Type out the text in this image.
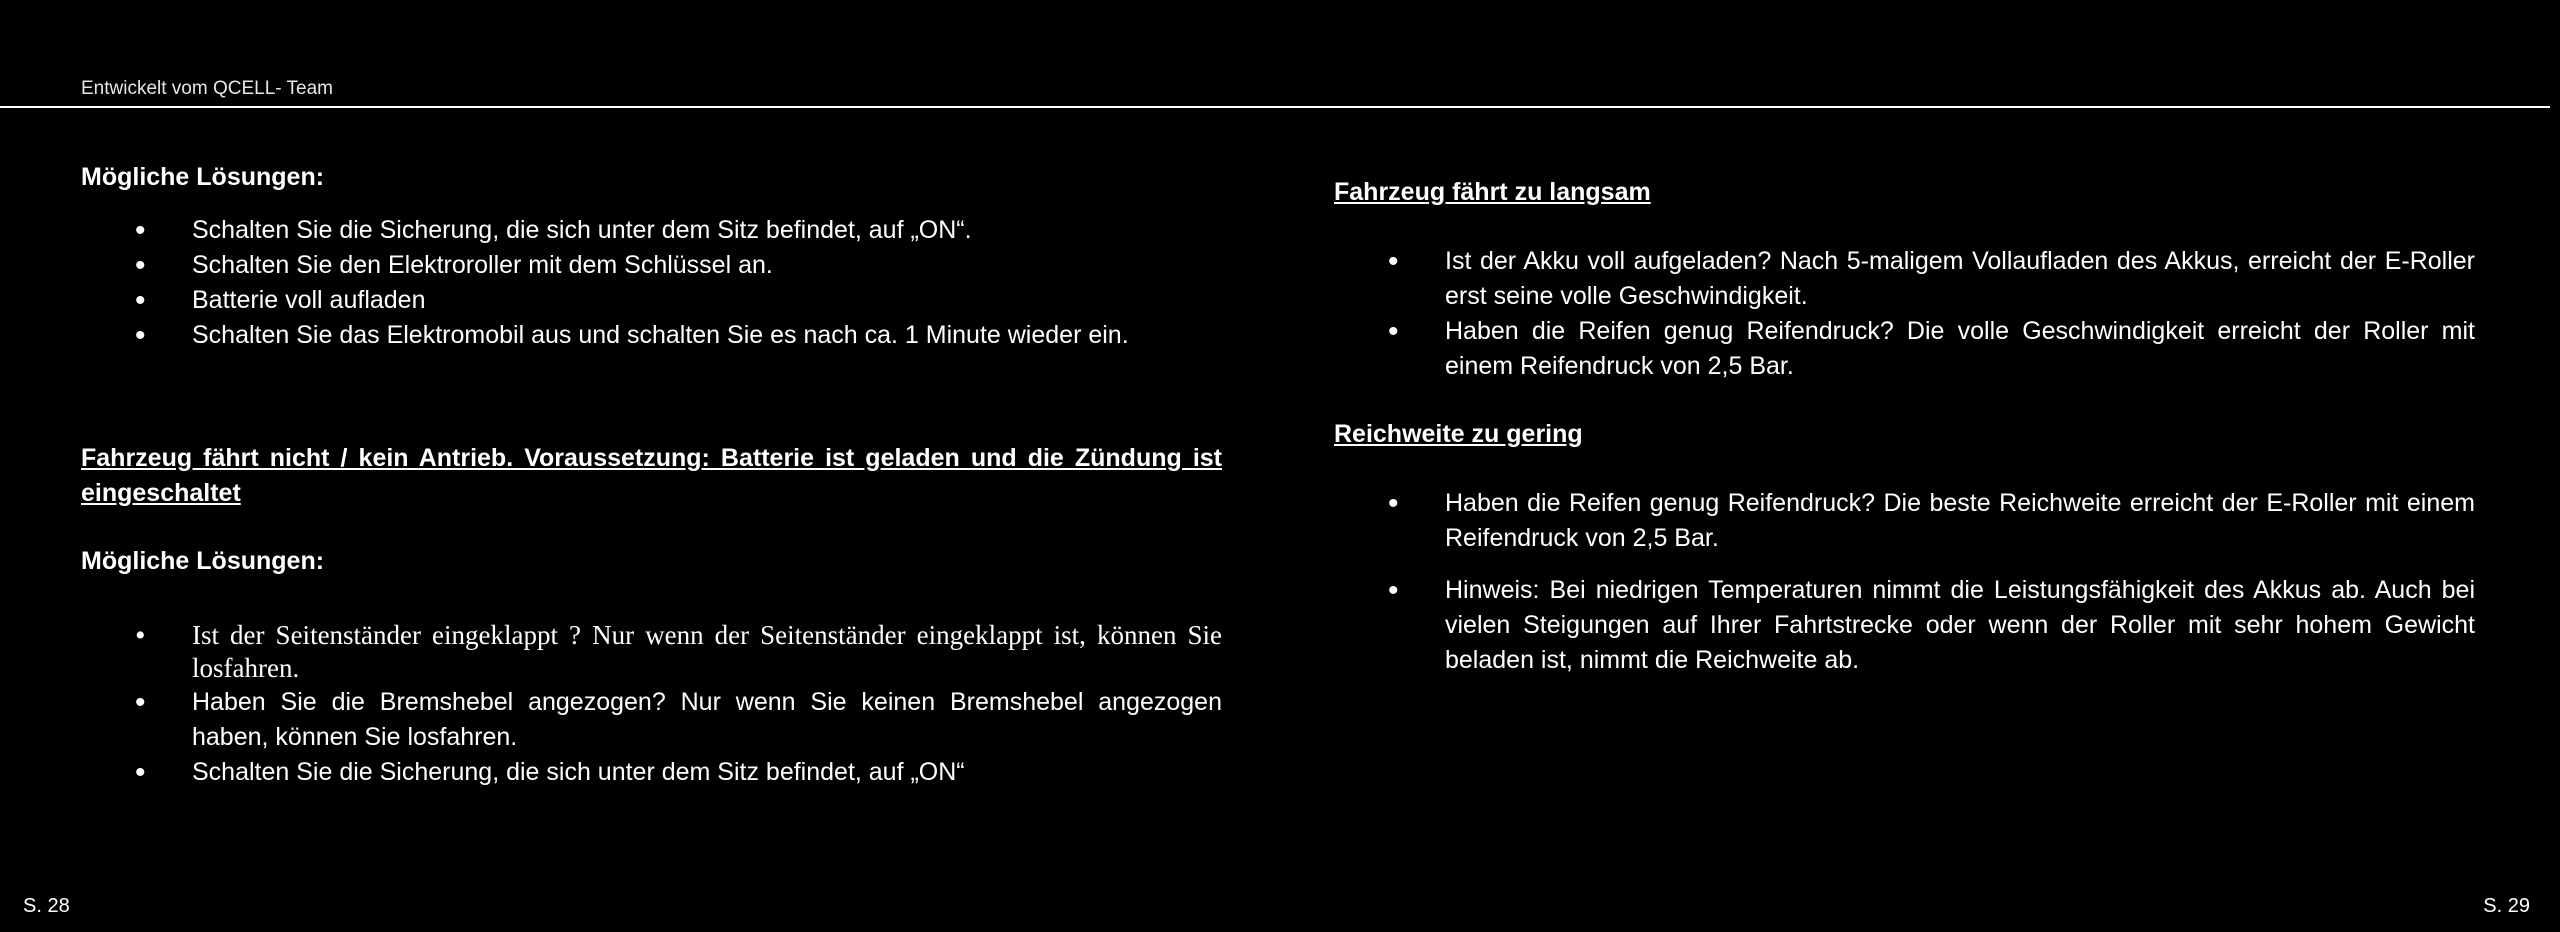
Entwickelt vom QCELL- Team

Mögliche Lösungen:

• Schalten Sie die Sicherung, die sich unter dem Sitz befindet, auf „ON“.
• Schalten Sie den Elektroroller mit dem Schlüssel an.
• Batterie voll aufladen
• Schalten Sie das Elektromobil aus und schalten Sie es nach ca. 1 Minute wieder ein.

Fahrzeug fährt nicht / kein Antrieb. Voraussetzung: Batterie ist geladen und die Zündung ist eingeschaltet

Mögliche Lösungen:

• Ist der Seitenständer eingeklappt ? Nur wenn der Seitenständer eingeklappt ist, können Sie losfahren.
• Haben Sie die Bremshebel angezogen? Nur wenn Sie keinen Bremshebel angezogen haben, können Sie losfahren.
• Schalten Sie die Sicherung, die sich unter dem Sitz befindet, auf „ON“

Fahrzeug fährt zu langsam

• Ist der Akku voll aufgeladen? Nach 5-maligem Vollaufladen des Akkus, erreicht der E-Roller erst seine volle Geschwindigkeit.
• Haben die Reifen genug Reifendruck? Die volle Geschwindigkeit erreicht der Roller mit einem Reifendruck von 2,5 Bar.

Reichweite zu gering

• Haben die Reifen genug Reifendruck? Die beste Reichweite erreicht der E-Roller mit einem Reifendruck von 2,5 Bar.
• Hinweis: Bei niedrigen Temperaturen nimmt die Leistungsfähigkeit des Akkus ab. Auch bei vielen Steigungen auf Ihrer Fahrtstrecke oder wenn der Roller mit sehr hohem Gewicht beladen ist, nimmt die Reichweite ab.
S. 28	S. 29
